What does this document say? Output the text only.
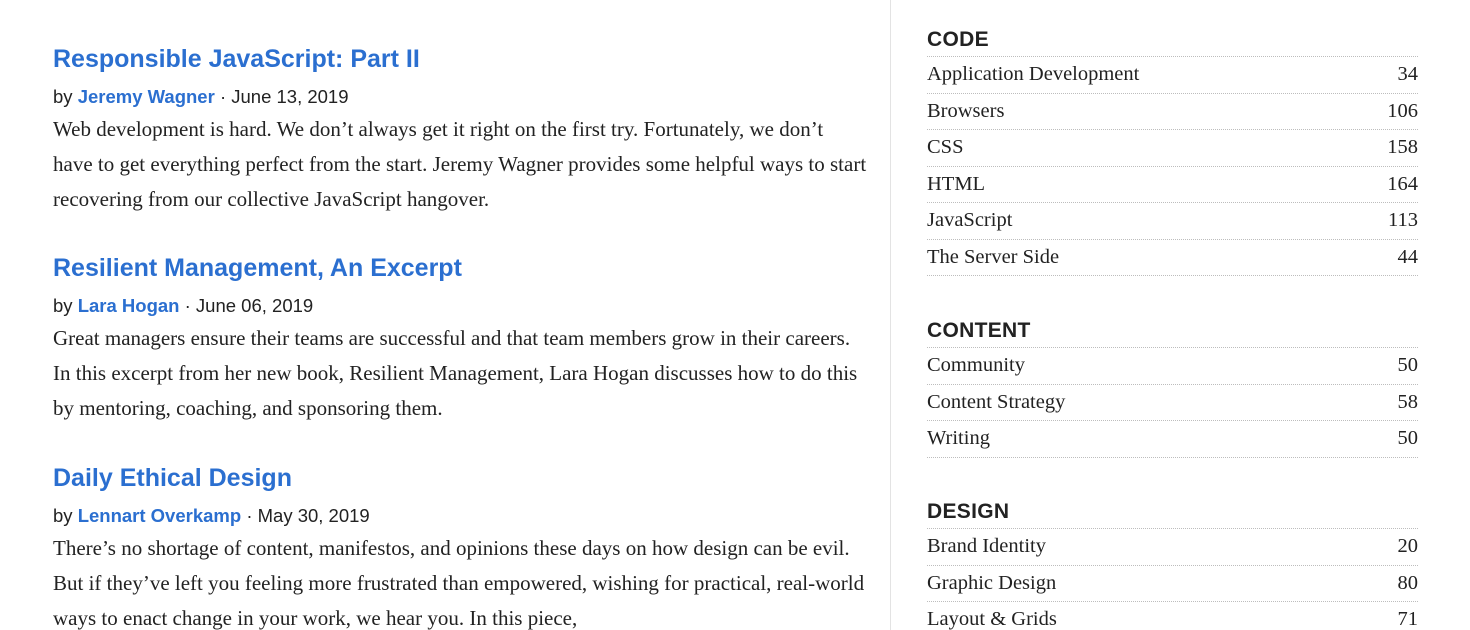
Responsible JavaScript: Part II
by Jeremy Wagner · June 13, 2019
Web development is hard. We don’t always get it right on the first try. Fortunately, we don’t have to get everything perfect from the start. Jeremy Wagner provides some helpful ways to start recovering from our collective JavaScript hangover.
Resilient Management, An Excerpt
by Lara Hogan · June 06, 2019
Great managers ensure their teams are successful and that team members grow in their careers. In this excerpt from her new book, Resilient Management, Lara Hogan discusses how to do this by mentoring, coaching, and sponsoring them.
Daily Ethical Design
by Lennart Overkamp · May 30, 2019
There’s no shortage of content, manifestos, and opinions these days on how design can be evil. But if they’ve left you feeling more frustrated than empowered, wishing for practical, real-world ways to enact change in your work, we hear you. In this piece,
CODE
Application Development	34
Browsers	106
CSS	158
HTML	164
JavaScript	113
The Server Side	44
CONTENT
Community	50
Content Strategy	58
Writing	50
DESIGN
Brand Identity	20
Graphic Design	80
Layout & Grids	71
